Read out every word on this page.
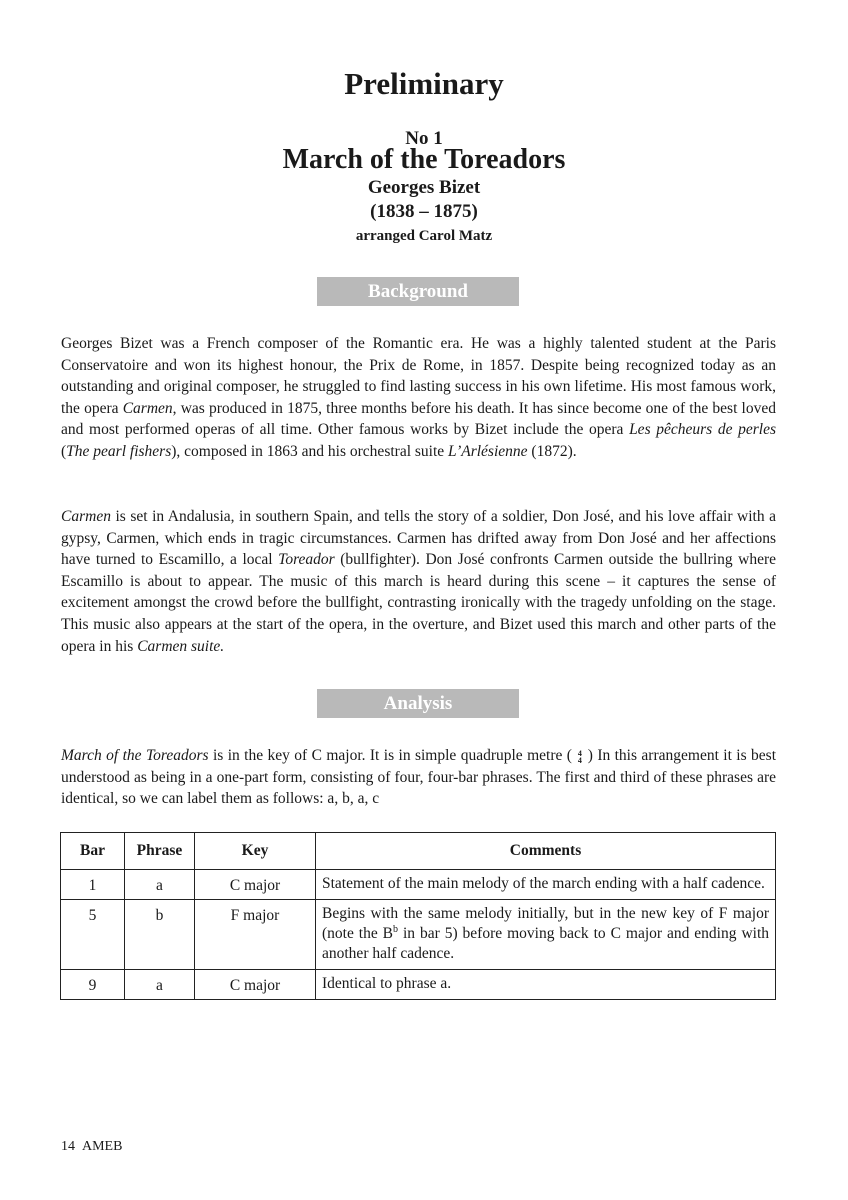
Preliminary
No 1
March of the Toreadors
Georges Bizet
(1838 – 1875)
arranged Carol Matz
Background

Georges Bizet was a French composer of the Romantic era. He was a highly talented student at the Paris Conservatoire and won its highest honour, the Prix de Rome, in 1857. Despite being recognized today as an outstanding and original composer, he struggled to find lasting success in his own lifetime. His most famous work, the opera Carmen, was produced in 1875, three months before his death. It has since become one of the best loved and most performed operas of all time. Other famous works by Bizet include the opera Les pêcheurs de perles (The pearl fishers), composed in 1863 and his orchestral suite L’Arlésienne (1872).

Carmen is set in Andalusia, in southern Spain, and tells the story of a soldier, Don José, and his love affair with a gypsy, Carmen, which ends in tragic circumstances. Carmen has drifted away from Don José and her affections have turned to Escamillo, a local Toreador (bullfighter). Don José confronts Carmen outside the bullring where Escamillo is about to appear. The music of this march is heard during this scene – it captures the sense of excitement amongst the crowd before the bullfight, contrasting ironically with the tragedy unfolding on the stage. This music also appears at the start of the opera, in the overture, and Bizet used this march and other parts of the opera in his Carmen suite.

Analysis

March of the Toreadors is in the key of C major. It is in simple quadruple metre ( 4
4 ) In this arrangement it is best understood as being in a one-part form, consisting of four, four-bar phrases. The first and third of these phrases are identical, so we can label them as follows: a, b, a, c

Bar	Phrase	Key	Comments
1	a	C major	Statement of the main melody of the march ending with a half cadence.
5	b	F major	Begins with the same melody initially, but in the new key of F major (note the $B^b$ in bar 5) before moving back to C major and ending with another half cadence.
9	a	C major	Identical to phrase a.
14 AMEB
